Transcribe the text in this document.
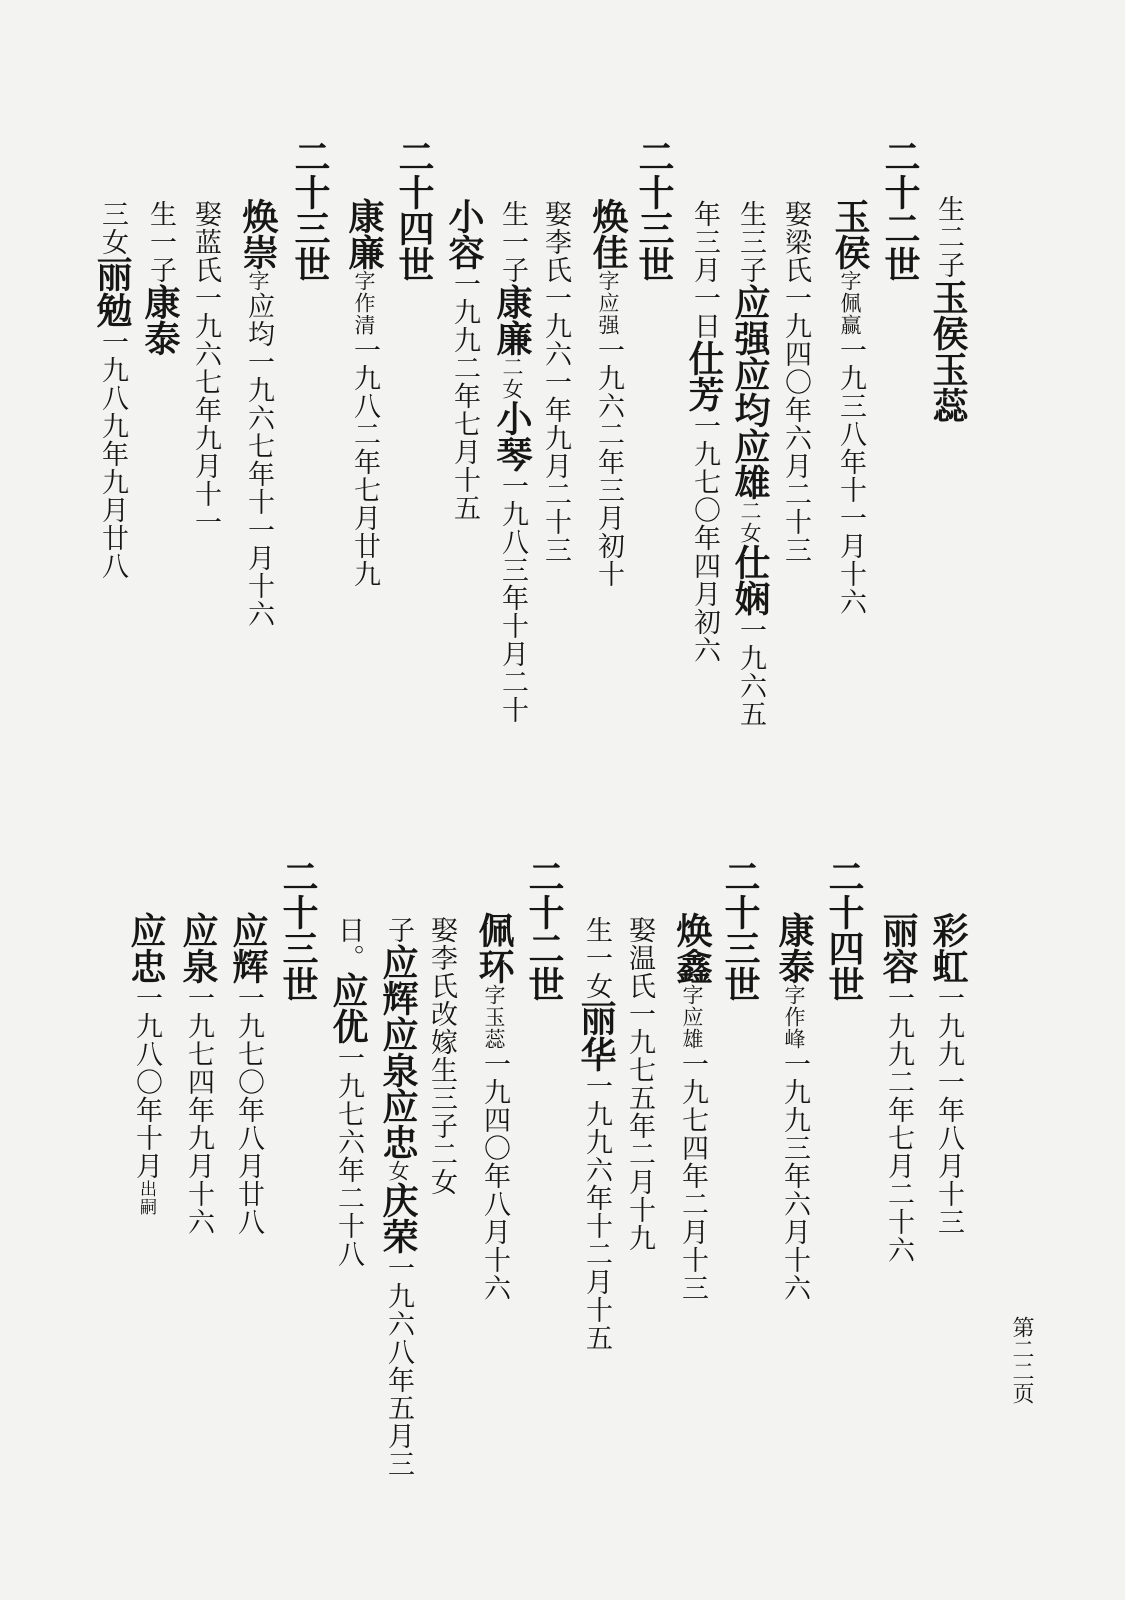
生二子玉侯玉蕊
二十二世
玉侯字佩赢一九三八年十一月十六
娶梁氏一九四〇年六月二十三
生三子应强应均应雄二女仕娴一九六五
年三月一日仕芳一九七〇年四月初六
二十三世
焕佳字应强一九六二年三月初十
娶李氏一九六一年九月二十三
生一子康廉二女小琴一九八三年十月二十
小容一九九二年七月十五
二十四世
康廉字作清一九八二年七月廿九
焕崇字应均一九六七年十一月十六
娶蓝氏一九六七年九月十一
生一子康泰
二十三世
三女丽勉一九八九年九月廿八
彩虹一九九一年八月十三
丽容一九九二年七月二十六
二十四世
康泰字作峰一九九三年六月十六
二十三世
焕鑫字应雄一九七四年二月十三
娶温氏一九七五年二月十九
生一女丽华一九九六年十二月十五
二十二世
佩环字玉蕊一九四〇年八月十六
娶李氏改嫁生三子二女
子应辉应泉应忠女庆荣一九六八年五月三
日。应优一九七六年二十八
二十三世
应辉一九七〇年八月廿八
应泉一九七四年九月十六
应忠一九八〇年十月出嗣
第二二页
